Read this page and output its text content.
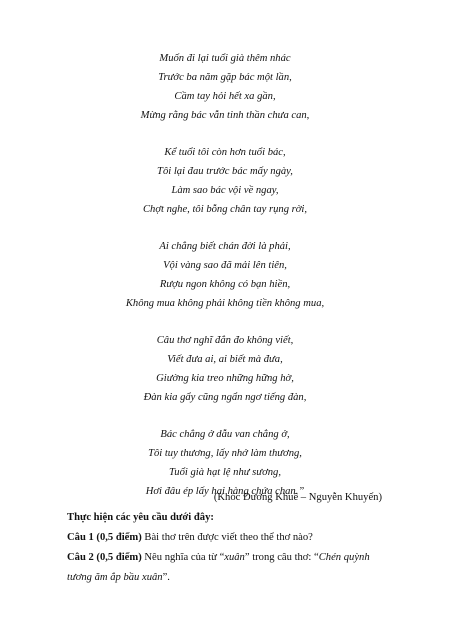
Muốn đi lại tuổi già thêm nhác
Trước ba năm gặp bác một lần,
Cầm tay hỏi hết xa gần,
Mừng rằng bác vẫn tinh thần chưa can,
Kể tuổi tôi còn hơn tuổi bác,
Tôi lại đau trước bác mấy ngày,
Làm sao bác vội về ngay,
Chợt nghe, tôi bỗng chân tay rụng rời,
Ai chẳng biết chán đời là phải,
Vội vàng sao đã mải lên tiên,
Rượu ngon không có bạn hiền,
Không mua không phải không tiền không mua,
Câu thơ nghĩ đắn đo không viết,
Viết đưa ai, ai biết mà đưa,
Giường kia treo những hững hờ,
Đàn kia gẩy cũng ngẩn ngơ tiếng đàn,
Bác chẳng ở dẫu van chẳng ở,
Tôi tuy thương, lấy nhớ làm thương,
Tuổi già hạt lệ như sương,
Hơi đâu ép lấy hai hàng chứa chan.”
(Khóc Dương Khuê – Nguyễn Khuyến)

Thực hiện các yêu cầu dưới đây:

Câu 1 (0,5 điểm) Bài thơ trên được viết theo thể thơ nào?

Câu 2 (0,5 điểm) Nêu nghĩa của từ “xuân” trong câu thơ: “Chén quỳnh tương ăm ắp bầu xuân”.
